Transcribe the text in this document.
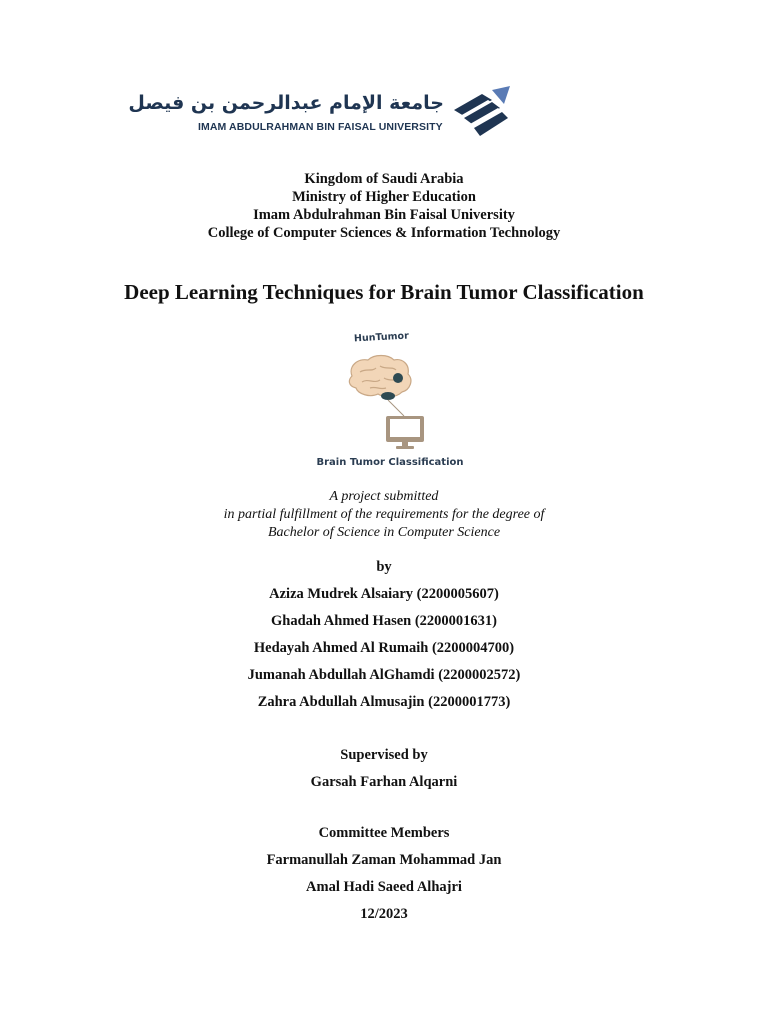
جامعة الإمام عبدالرحمن بن فيصل
IMAM ABDULRAHMAN BIN FAISAL UNIVERSITY
Kingdom of Saudi Arabia
Ministry of Higher Education
Imam Abdulrahman Bin Faisal University
College of Computer Sciences & Information Technology
Deep Learning Techniques for Brain Tumor Classification
HunTumor
Brain Tumor Classification
A project submitted
in partial fulfillment of the requirements for the degree of
Bachelor of Science in Computer Science
by
Aziza Mudrek Alsaiary (2200005607)
Ghadah Ahmed Hasen (2200001631)
Hedayah Ahmed Al Rumaih (2200004700)
Jumanah Abdullah AlGhamdi (2200002572)
Zahra Abdullah Almusajin (2200001773)
Supervised by
Garsah Farhan Alqarni
Committee Members
Farmanullah Zaman Mohammad Jan
Amal Hadi Saeed Alhajri
12/2023
